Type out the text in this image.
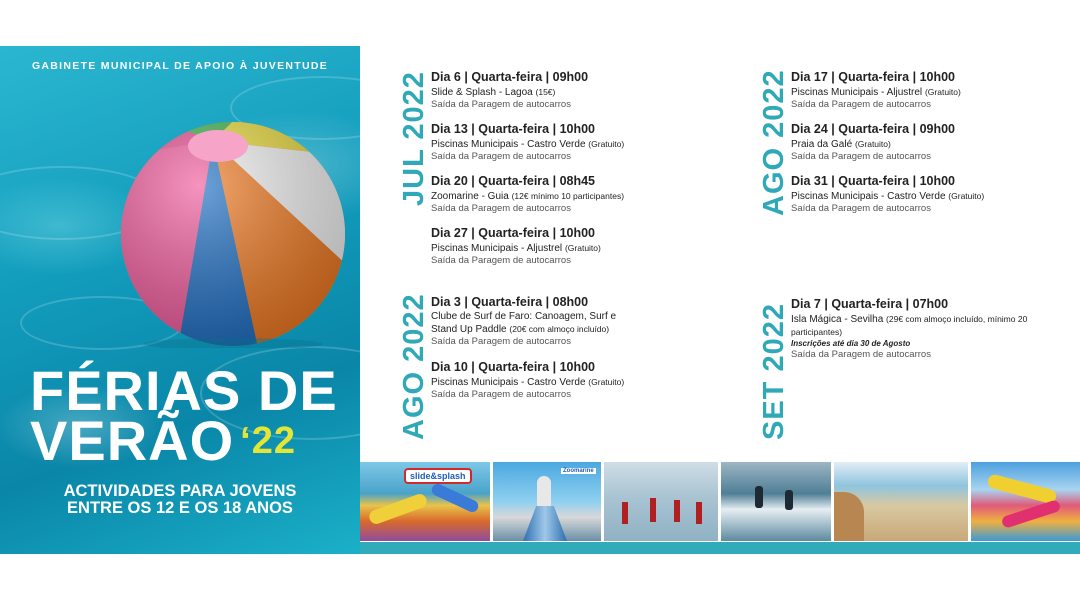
GABINETE MUNICIPAL DE APOIO À JUVENTUDE
FÉRIAS DE
VERÃO $^{‘22}$
ACTIVIDADES PARA JOVENS
ENTRE OS 12 E OS 18 ANOS
JUL 2022
AGO 2022
AGO 2022
SET 2022
Dia 6 | Quarta-feira | 09h00
Slide & Splash - Lagoa (15€)
Saída da Paragem de autocarros
Dia 13 | Quarta-feira | 10h00
Piscinas Municipais - Castro Verde (Gratuito)
Saída da Paragem de autocarros
Dia 20 | Quarta-feira | 08h45
Zoomarine - Guia (12€ mínimo 10 participantes)
Saída da Paragem de autocarros
Dia 27 | Quarta-feira | 10h00
Piscinas Municipais - Aljustrel (Gratuito)
Saída da Paragem de autocarros
Dia 3 | Quarta-feira | 08h00
Clube de Surf de Faro: Canoagem, Surf e Stand Up Paddle (20€ com almoço incluído)
Saída da Paragem de autocarros
Dia 10 | Quarta-feira | 10h00
Piscinas Municipais - Castro Verde (Gratuito)
Saída da Paragem de autocarros
Dia 17 | Quarta-feira | 10h00
Piscinas Municipais - Aljustrel (Gratuito)
Saída da Paragem de autocarros
Dia 24 | Quarta-feira | 09h00
Praia da Galé (Gratuito)
Saída da Paragem de autocarros
Dia 31 | Quarta-feira | 10h00
Piscinas Municipais - Castro Verde (Gratuito)
Saída da Paragem de autocarros
Dia 7 | Quarta-feira | 07h00
Isla Mágica - Sevilha (29€ com almoço incluído, mínimo 20 participantes)
Inscrições até dia 30 de Agosto
Saída da Paragem de autocarros
slide&splash	Zoomarine
